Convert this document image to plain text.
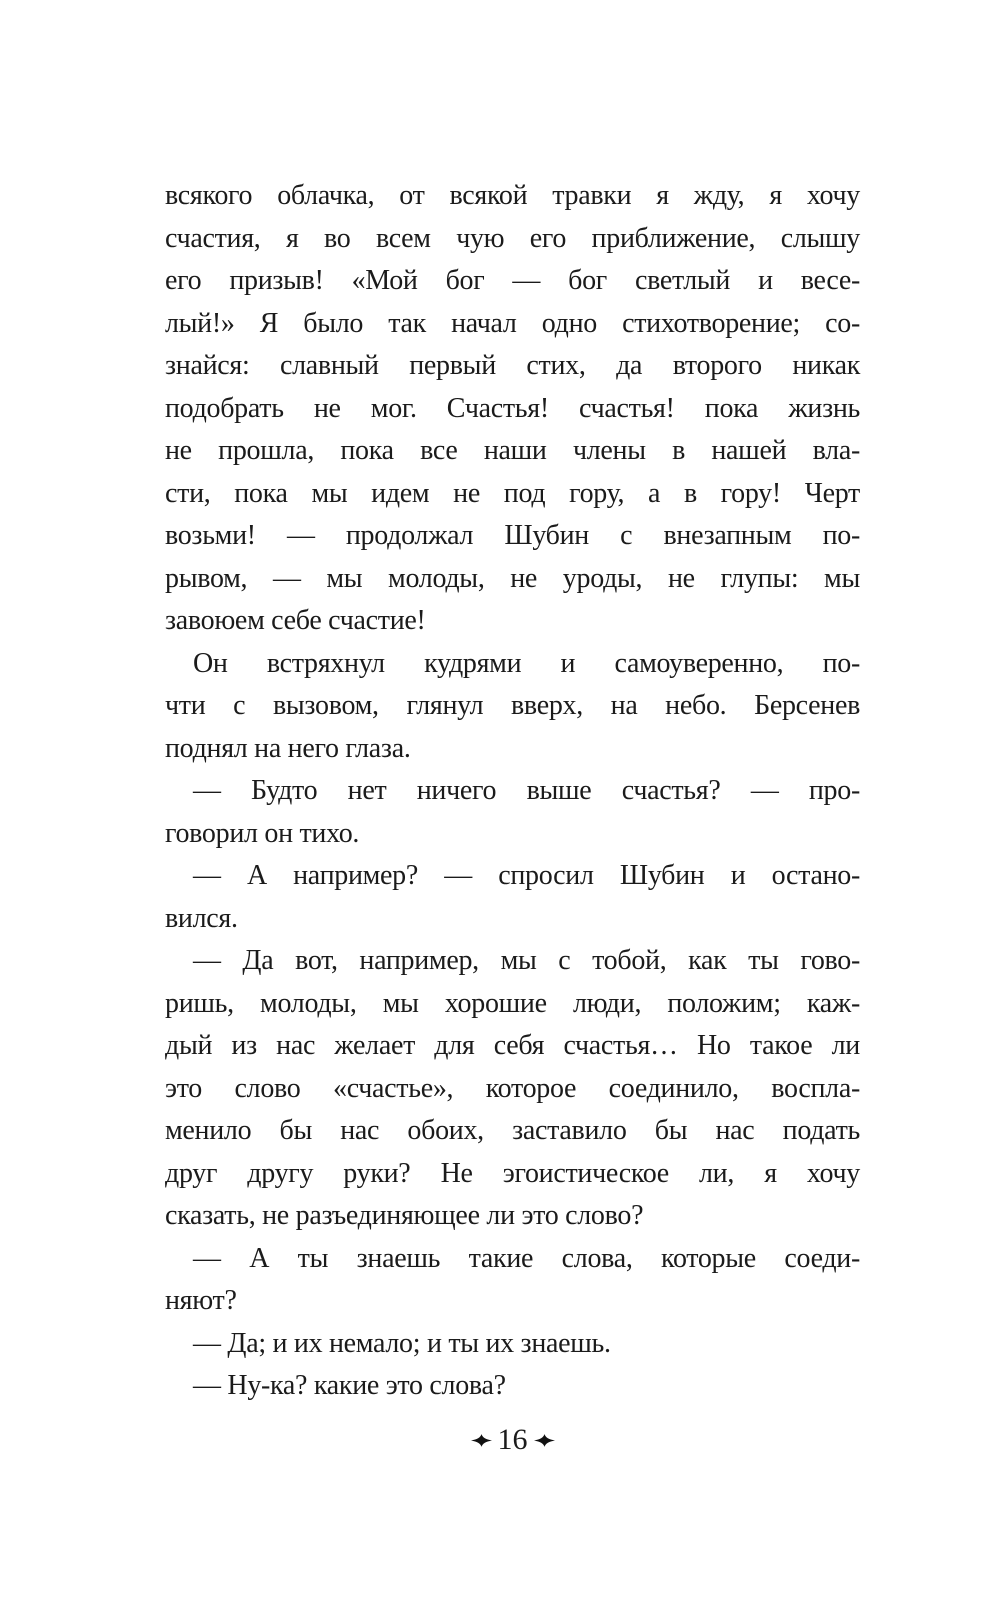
всякого облачка, от всякой травки я жду, я хочу
счастия, я во всем чую его приближение, слышу
его призыв! «Мой бог — бог светлый и весе-
лый!» Я было так начал одно стихотворение; со-
знайся: славный первый стих, да второго никак
подобрать не мог. Счастья! счастья! пока жизнь
не прошла, пока все наши члены в нашей вла-
сти, пока мы идем не под гору, а в гору! Черт
возьми! — продолжал Шубин с внезапным по-
рывом, — мы молоды, не уроды, не глупы: мы
завоюем себе счастие!
Он встряхнул кудрями и самоуверенно, по-
чти с вызовом, глянул вверх, на небо. Берсенев
поднял на него глаза.
— Будто нет ничего выше счастья? — про-
говорил он тихо.
— А например? — спросил Шубин и остано-
вился.
— Да вот, например, мы с тобой, как ты гово-
ришь, молоды, мы хорошие люди, положим; каж-
дый из нас желает для себя счастья… Но такое ли
это слово «счастье», которое соединило, воспла-
менило бы нас обоих, заставило бы нас подать
друг другу руки? Не эгоистическое ли, я хочу
сказать, не разъединяющее ли это слово?
— А ты знаешь такие слова, которые соеди-
няют?
— Да; и их немало; и ты их знаешь.
— Ну-ка? какие это слова?
16
